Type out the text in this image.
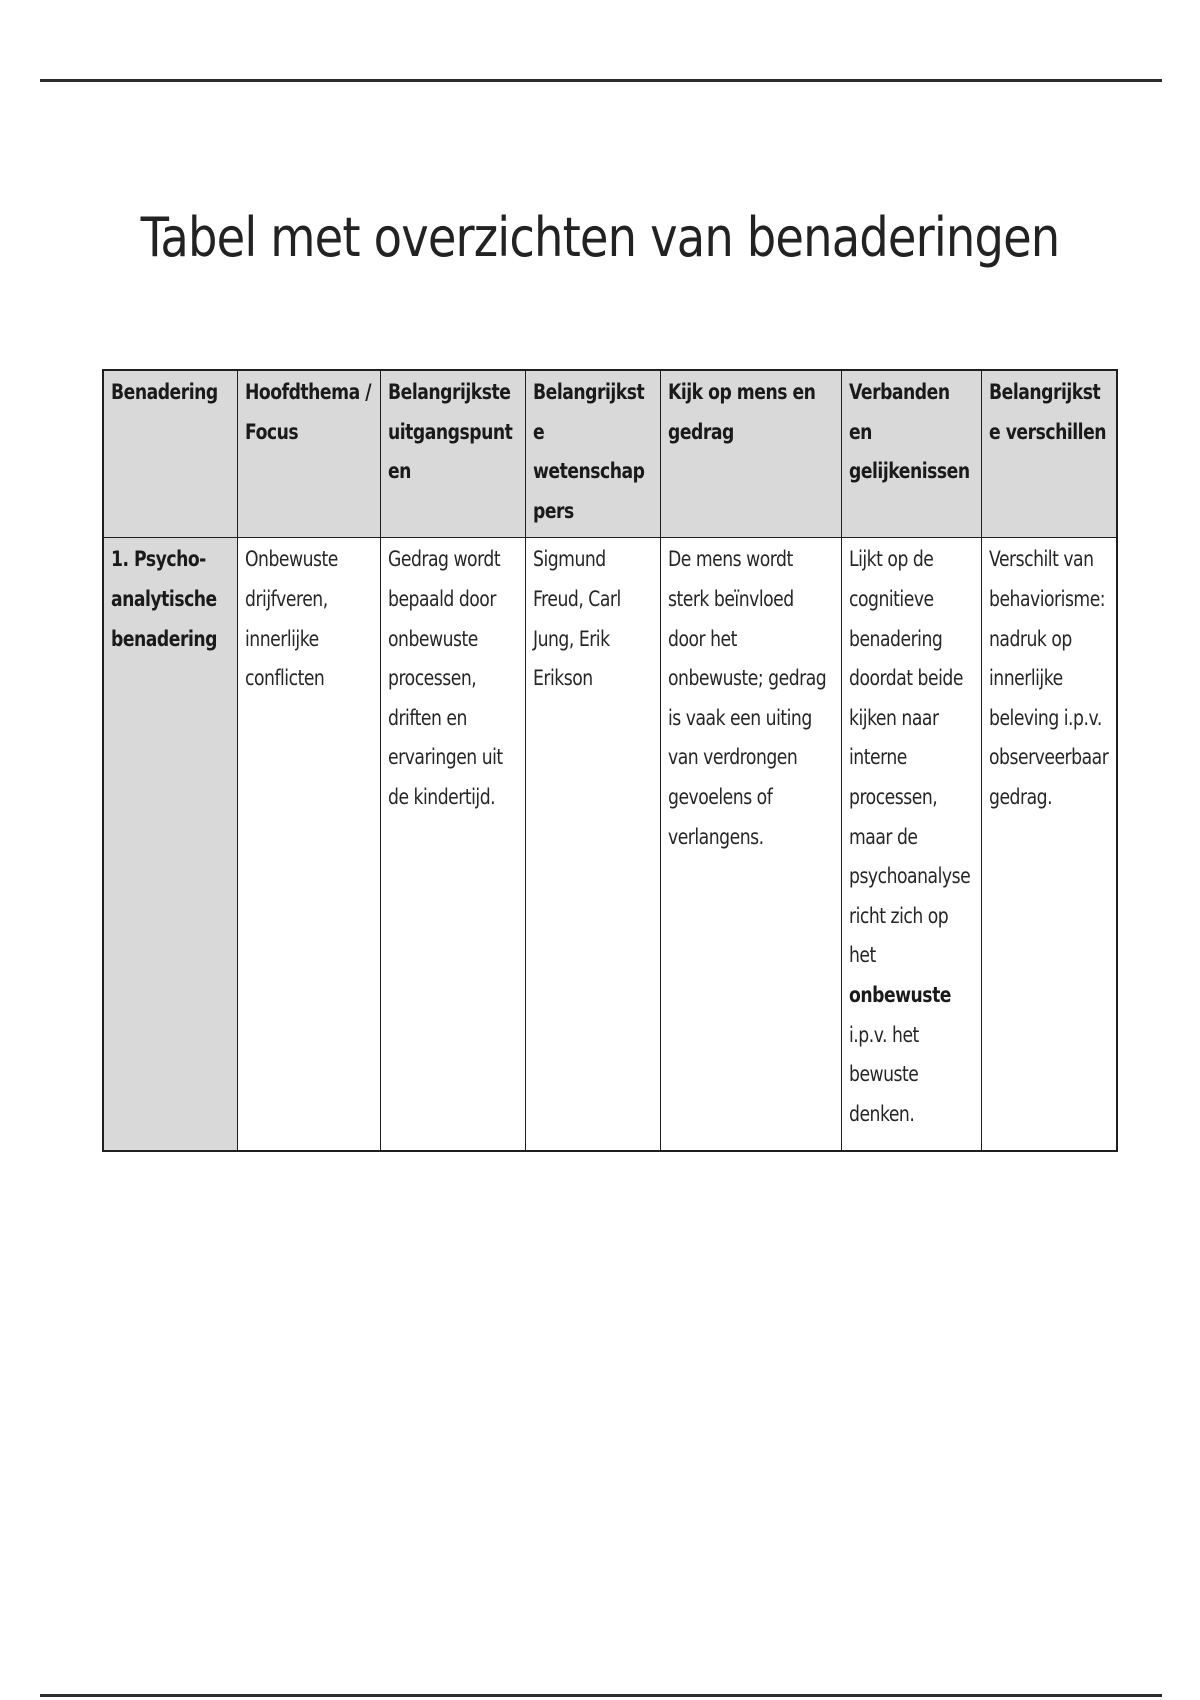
Tabel met overzichten van benaderingen
Benadering	Hoofdthema / Focus	Belangrijkste uitgangspunten	Belangrijkste wetenschappers	Kijk op mens en gedrag	Verbanden en gelijkenissen	Belangrijkste verschillen

1. Psycho-analytische benadering	Onbewuste drijfveren, innerlijke conflicten	Gedrag wordt bepaald door onbewuste processen, driften en ervaringen uit de kindertijd.	Sigmund Freud, Carl Jung, Erik Erikson	De mens wordt sterk beïnvloed door het onbewuste; gedrag is vaak een uiting van verdrongen gevoelens of verlangens.	Lijkt op de cognitieve benadering doordat beide kijken naar interne processen, maar de psychoanalyse richt zich op het onbewuste i.p.v. het bewuste denken.	Verschilt van behaviorisme: nadruk op innerlijke beleving i.p.v. observeerbaar gedrag.
